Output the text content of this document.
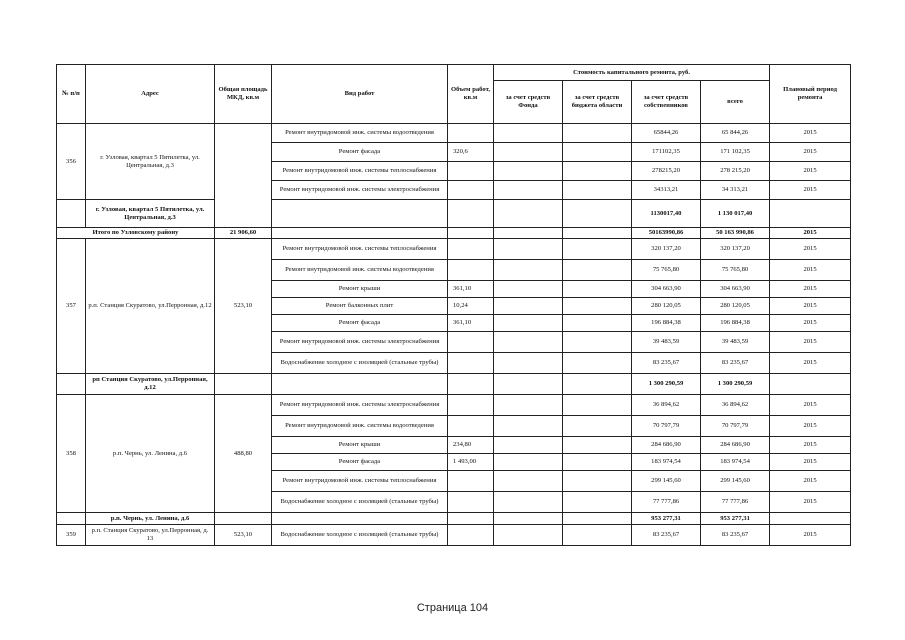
№ п/п	Адрес	Общая площадь МКД, кв.м	Вид работ	Объем работ, кв.м	Стоимость капитального ремонта, руб.				Плановый период ремонта
					за счет средств Фонда	за счет средств бюджета области	за счет средств собственников	всего	
356	г. Узловая, квартал 5 Пятилетка, ул. Центральная, д.3		Ремонт внутридомовой инж. системы водоотведения				65844,26	65 844,26	2015
			Ремонт фасада	320,6			171102,35	171 102,35	2015
			Ремонт внутридомовой инж. системы теплоснабжения				278215,20	278 215,20	2015
			Ремонт внутридомовой инж. системы электроснабжения				34313,21	34 313,21	2015
	г. Узловая, квартал 5 Пятилетка, ул. Центральная, д.3						1130017,40	1 130 017,40	
Итого по Узловскому району		21 906,60					50163990,86	50 163 990,86	2015
357	р.п. Станция Скуратово, ул.Перронная, д.12	523,10	Ремонт внутридомовой инж. системы теплоснабжения				320 137,20	320 137,20	2015
			Ремонт внутридомовой инж. системы водоотведения				75 765,80	75 765,80	2015
			Ремонт крыши	361,10			304 663,90	304 663,90	2015
			Ремонт балконных плит	10,24			280 120,05	280 120,05	2015
			Ремонт фасада	361,10			196 884,38	196 884,38	2015
			Ремонт внутридомовой инж. системы электроснабжения				39 483,59	39 483,59	2015
			Водоснабжение холодное с изоляцией (стальные трубы)				83 235,67	83 235,67	2015
	рп Станция Скуратово, ул.Перронная, д.12						1 300 290,59	1 300 290,59	
358	р.п. Чернь, ул. Ленина, д.6	488,80	Ремонт внутридомовой инж. системы электроснабжения				36 894,62	36 894,62	2015
			Ремонт внутридомовой инж. системы водоотведения				70 797,79	70 797,79	2015
			Ремонт крыши	234,80			284 686,90	284 686,90	2015
			Ремонт фасада	1 493,00			183 974,54	183 974,54	2015
			Ремонт внутридомовой инж. системы теплоснабжения				299 145,60	299 145,60	2015
			Водоснабжение холодное с изоляцией (стальные трубы)				77 777,86	77 777,86	2015
	р.п. Чернь, ул. Ленина, д.6						953 277,31	953 277,31	
359	р.п. Станция Скуратово, ул.Перронная, д. 13	523,10	Водоснабжение холодное с изоляцией (стальные трубы)				83 235,67	83 235,67	2015
Страница 104
